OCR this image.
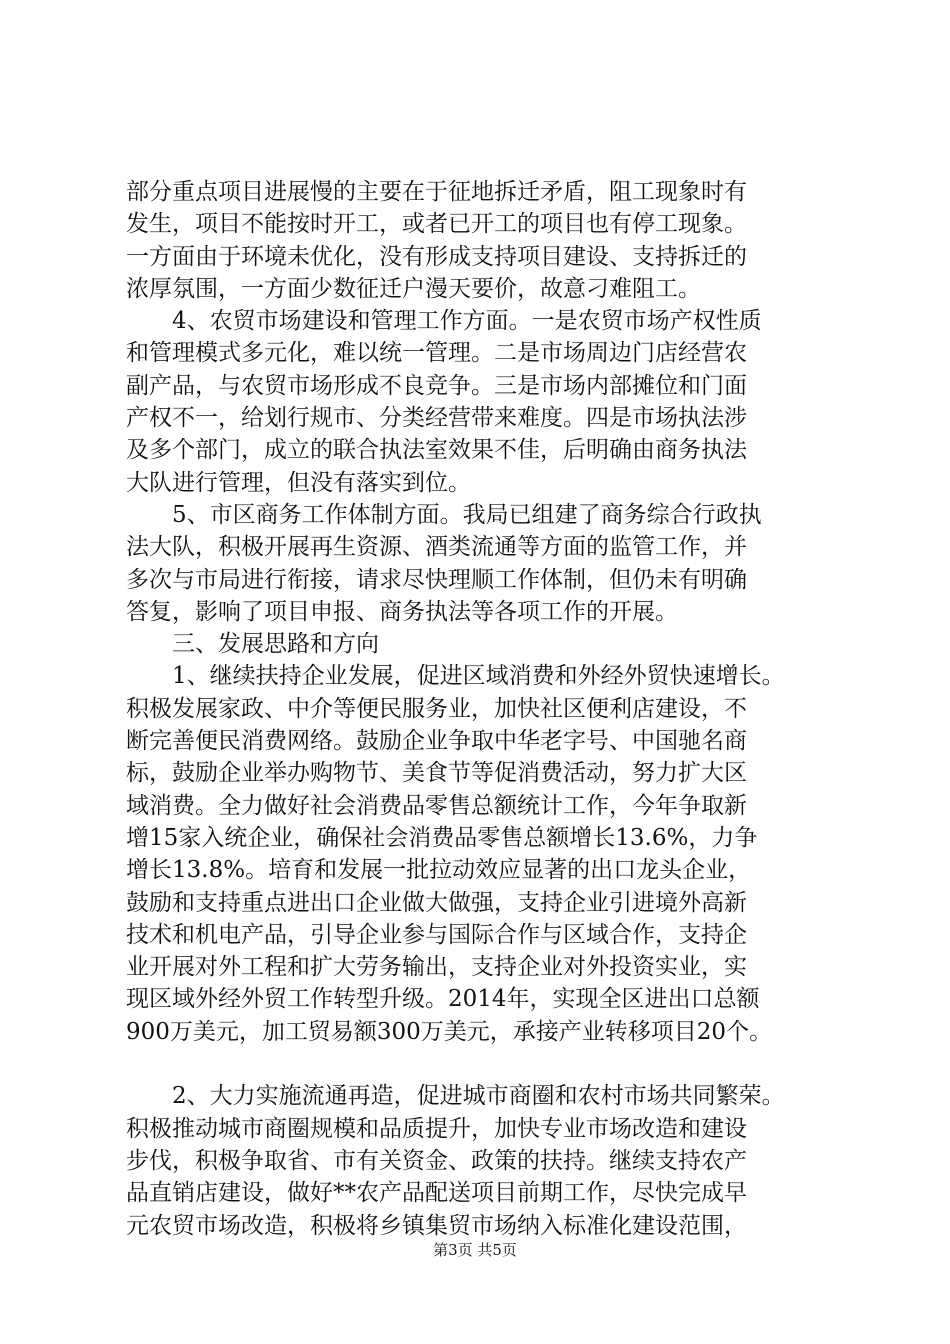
部分重点项目进展慢的主要在于征地拆迁矛盾，阻工现象时有
发生，项目不能按时开工，或者已开工的项目也有停工现象。
一方面由于环境未优化，没有形成支持项目建设、支持拆迁的
浓厚氛围，一方面少数征迁户漫天要价，故意刁难阻工。
　　4、农贸市场建设和管理工作方面。一是农贸市场产权性质
和管理模式多元化，难以统一管理。二是市场周边门店经营农
副产品，与农贸市场形成不良竞争。三是市场内部摊位和门面
产权不一，给划行规市、分类经营带来难度。四是市场执法涉
及多个部门，成立的联合执法室效果不佳，后明确由商务执法
大队进行管理，但没有落实到位。
　　5、市区商务工作体制方面。我局已组建了商务综合行政执
法大队，积极开展再生资源、酒类流通等方面的监管工作，并
多次与市局进行衔接，请求尽快理顺工作体制，但仍未有明确
答复，影响了项目申报、商务执法等各项工作的开展。
　　三、发展思路和方向
　　1、继续扶持企业发展，促进区域消费和外经外贸快速增长。
积极发展家政、中介等便民服务业，加快社区便利店建设，不
断完善便民消费网络。鼓励企业争取中华老字号、中国驰名商
标，鼓励企业举办购物节、美食节等促消费活动，努力扩大区
域消费。全力做好社会消费品零售总额统计工作，今年争取新
增15家入统企业，确保社会消费品零售总额增长13.6%，力争
增长13.8%。培育和发展一批拉动效应显著的出口龙头企业，
鼓励和支持重点进出口企业做大做强，支持企业引进境外高新
技术和机电产品，引导企业参与国际合作与区域合作，支持企
业开展对外工程和扩大劳务输出，支持企业对外投资实业，实
现区域外经外贸工作转型升级。2014年，实现全区进出口总额
900万美元，加工贸易额300万美元，承接产业转移项目20个。
　　2、大力实施流通再造，促进城市商圈和农村市场共同繁荣。
积极推动城市商圈规模和品质提升，加快专业市场改造和建设
步伐，积极争取省、市有关资金、政策的扶持。继续支持农产
品直销店建设，做好**农产品配送项目前期工作，尽快完成早
元农贸市场改造，积极将乡镇集贸市场纳入标准化建设范围，
第3页 共5页
